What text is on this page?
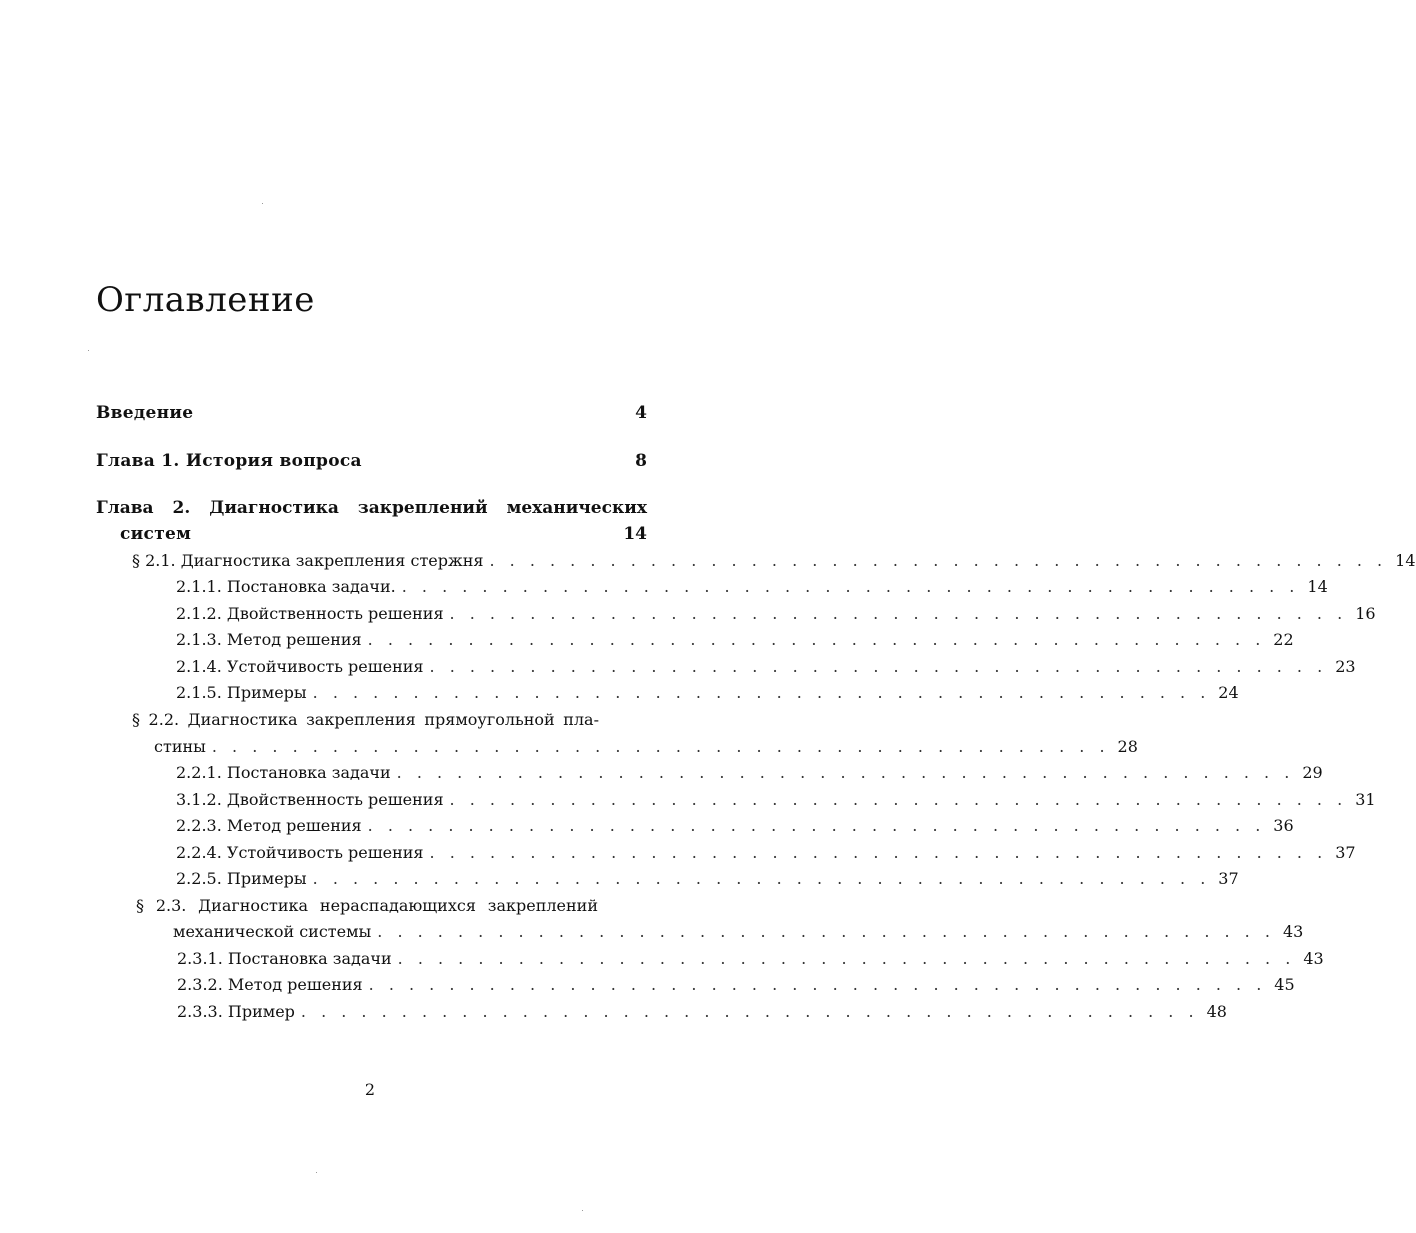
Оглавление
Введение	4
Глава 1. История вопроса	8
Глава 2. Диагностика закреплений механических
систем	14
§ 2.1. Диагностика закрепления стержня . . . . . . . . . . . . . . . . . . . . . . . . . . . . . . . . . . . . . . . . . . . . . 14
2.1.1. Постановка задачи. . . . . . . . . . . . . . . . . . . . . . . . . . . . . . . . . . . . . . . . . . . . . . 14
2.1.2. Двойственность решения . . . . . . . . . . . . . . . . . . . . . . . . . . . . . . . . . . . . . . . . . . . . . 16
2.1.3. Метод решения . . . . . . . . . . . . . . . . . . . . . . . . . . . . . . . . . . . . . . . . . . . . . 22
2.1.4. Устойчивость решения . . . . . . . . . . . . . . . . . . . . . . . . . . . . . . . . . . . . . . . . . . . . . 23
2.1.5. Примеры . . . . . . . . . . . . . . . . . . . . . . . . . . . . . . . . . . . . . . . . . . . . . 24
§ 2.2. Диагностика закрепления прямоугольной пла-
стины . . . . . . . . . . . . . . . . . . . . . . . . . . . . . . . . . . . . . . . . . . . . . 28
2.2.1. Постановка задачи . . . . . . . . . . . . . . . . . . . . . . . . . . . . . . . . . . . . . . . . . . . . . 29
3.1.2. Двойственность решения . . . . . . . . . . . . . . . . . . . . . . . . . . . . . . . . . . . . . . . . . . . . . 31
2.2.3. Метод решения . . . . . . . . . . . . . . . . . . . . . . . . . . . . . . . . . . . . . . . . . . . . . 36
2.2.4. Устойчивость решения . . . . . . . . . . . . . . . . . . . . . . . . . . . . . . . . . . . . . . . . . . . . . 37
2.2.5. Примеры . . . . . . . . . . . . . . . . . . . . . . . . . . . . . . . . . . . . . . . . . . . . . 37
§ 2.3. Диагностика нераспадающихся закреплений
механической системы . . . . . . . . . . . . . . . . . . . . . . . . . . . . . . . . . . . . . . . . . . . . . 43
2.3.1. Постановка задачи . . . . . . . . . . . . . . . . . . . . . . . . . . . . . . . . . . . . . . . . . . . . . 43
2.3.2. Метод решения . . . . . . . . . . . . . . . . . . . . . . . . . . . . . . . . . . . . . . . . . . . . . 45
2.3.3. Пример . . . . . . . . . . . . . . . . . . . . . . . . . . . . . . . . . . . . . . . . . . . . . 48
2
